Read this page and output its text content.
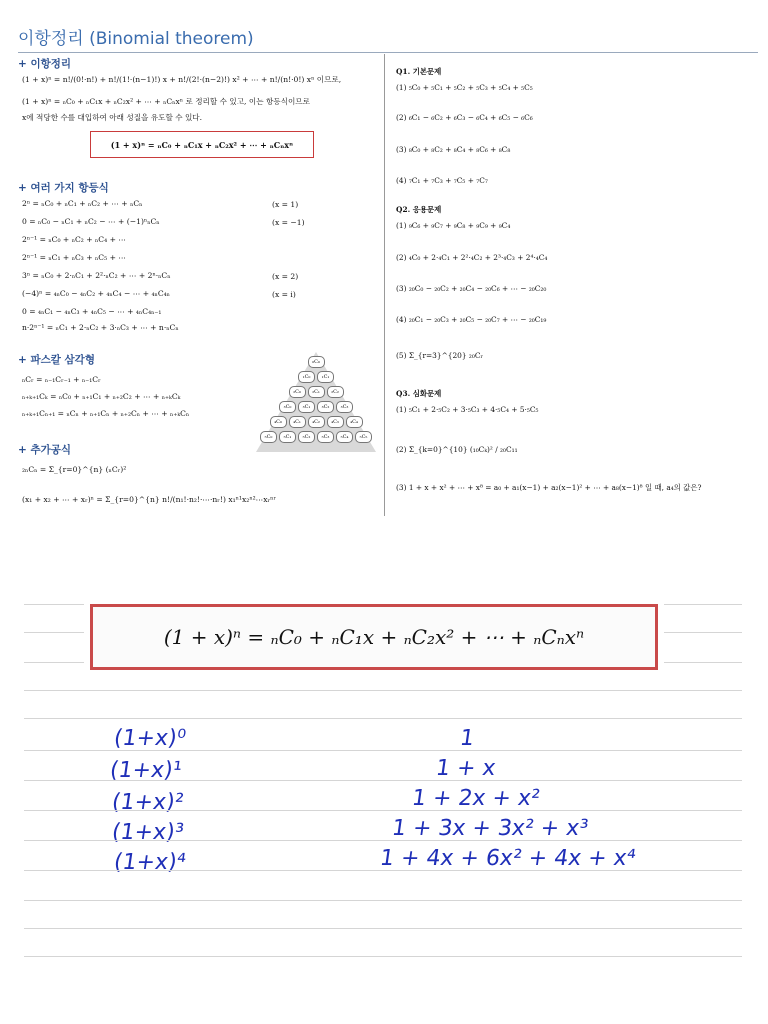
이항정리 (Binomial theorem)
+ 이항정리
(1 + x)ⁿ = n!/(0!·n!) + n!/(1!·(n−1)!) x + n!/(2!·(n−2)!) x² + ⋯ + n!/(n!·0!) xⁿ 이므로,
(1 + x)ⁿ = ₙC₀ + ₙC₁x + ₙC₂x² + ⋯ + ₙCₙxⁿ 로 정리할 수 있고, 이는 항등식이므로
x에 적당한 수를 대입하여 아래 성질을 유도할 수 있다.
(1 + x)ⁿ = ₙC₀ + ₙC₁x + ₙC₂x² + ⋯ + ₙCₙxⁿ
+ 여러 가지 항등식
2ⁿ = ₙC₀ + ₙC₁ + ₙC₂ + ⋯ + ₙCₙ	(x = 1)
0 = ₙC₀ − ₙC₁ + ₙC₂ − ⋯ + (−1)ⁿₙCₙ	(x = −1)
2ⁿ⁻¹ = ₙC₀ + ₙC₂ + ₙC₄ + ⋯
2ⁿ⁻¹ = ₙC₁ + ₙC₃ + ₙC₅ + ⋯
3ⁿ = ₙC₀ + 2·ₙC₁ + 2²·ₙC₂ + ⋯ + 2ⁿ·ₙCₙ	(x = 2)
(−4)ⁿ = ₄ₙC₀ − ₄ₙC₂ + ₄ₙC₄ − ⋯ + ₄ₙC₄ₙ	(x = i)
0 = ₄ₙC₁ − ₄ₙC₃ + ₄ₙC₅ − ⋯ + ₄ₙC₄ₙ₋₁
n·2ⁿ⁻¹ = ₙC₁ + 2·ₙC₂ + 3·ₙC₃ + ⋯ + n·ₙCₙ
+ 파스칼 삼각형
ₙCᵣ = ₙ₋₁Cᵣ₋₁ + ₙ₋₁Cᵣ
ₙ₊ₖ₊₁Cₖ = ₙC₀ + ₙ₊₁C₁ + ₙ₊₂C₂ + ⋯ + ₙ₊ₖCₖ
ₙ₊ₖ₊₁Cₙ₊₁ = ₙCₙ + ₙ₊₁Cₙ + ₙ₊₂Cₙ + ⋯ + ₙ₊ₖCₙ
₀C₀
₁C₀	₁C₁
₂C₀	₂C₁	₂C₂
₃C₀	₃C₁	₃C₂	₃C₃
₄C₀	₄C₁	₄C₂	₄C₃	₄C₄
₅C₀	₅C₁	₅C₂	₅C₃	₅C₄	₅C₅
+ 추가공식
₂ₙCₙ = Σ_{r=0}^{n} (ₙCᵣ)²
(x₁ + x₂ + ⋯ + xᵣ)ⁿ = Σ_{r=0}^{n} n!/(n₁!·n₂!·⋯·nᵣ!) x₁ⁿ¹x₂ⁿ²⋯xᵣⁿʳ
Q1. 기본문제
(1) ₅C₀ + ₅C₁ + ₅C₂ + ₅C₃ + ₅C₄ + ₅C₅
(2) ₆C₁ − ₆C₂ + ₆C₃ − ₆C₄ + ₆C₅ − ₆C₆
(3) ₈C₀ + ₈C₂ + ₈C₄ + ₈C₆ + ₈C₈
(4) ₇C₁ + ₇C₃ + ₇C₅ + ₇C₇
Q2. 응용문제
(1) ₉C₆ + ₉C₇ + ₉C₈ + ₉C₉ + ₉C₄
(2) ₄C₀ + 2·₄C₁ + 2²·₄C₂ + 2³·₄C₃ + 2⁴·₄C₄
(3) ₂₀C₀ − ₂₀C₂ + ₂₀C₄ − ₂₀C₆ + ⋯ − ₂₀C₂₀
(4) ₂₀C₁ − ₂₀C₃ + ₂₀C₅ − ₂₀C₇ + ⋯ − ₂₀C₁₉
(5) Σ_{r=3}^{20} ₂₀Cᵣ
Q3. 심화문제
(1) ₅C₁ + 2·₅C₂ + 3·₅C₃ + 4·₅C₄ + 5·₅C₅
(2) Σ_{k=0}^{10} (₁₀Cₖ)² / ₂₀C₁₁
(3) 1 + x + x² + ⋯ + x⁸ = a₀ + a₁(x−1) + a₂(x−1)² + ⋯ + a₈(x−1)⁸ 일 때, a₄의 값은?
(1+x)⁰	1
(1+x)¹	1 + x
(1+x)²	1 + 2x + x²
(1+x)³	1 + 3x + 3x² + x³
(1+x)⁴	1 + 4x + 6x² + 4x + x⁴
(1 + x)ⁿ = ₙC₀ + ₙC₁x + ₙC₂x² + ⋯ + ₙCₙxⁿ
